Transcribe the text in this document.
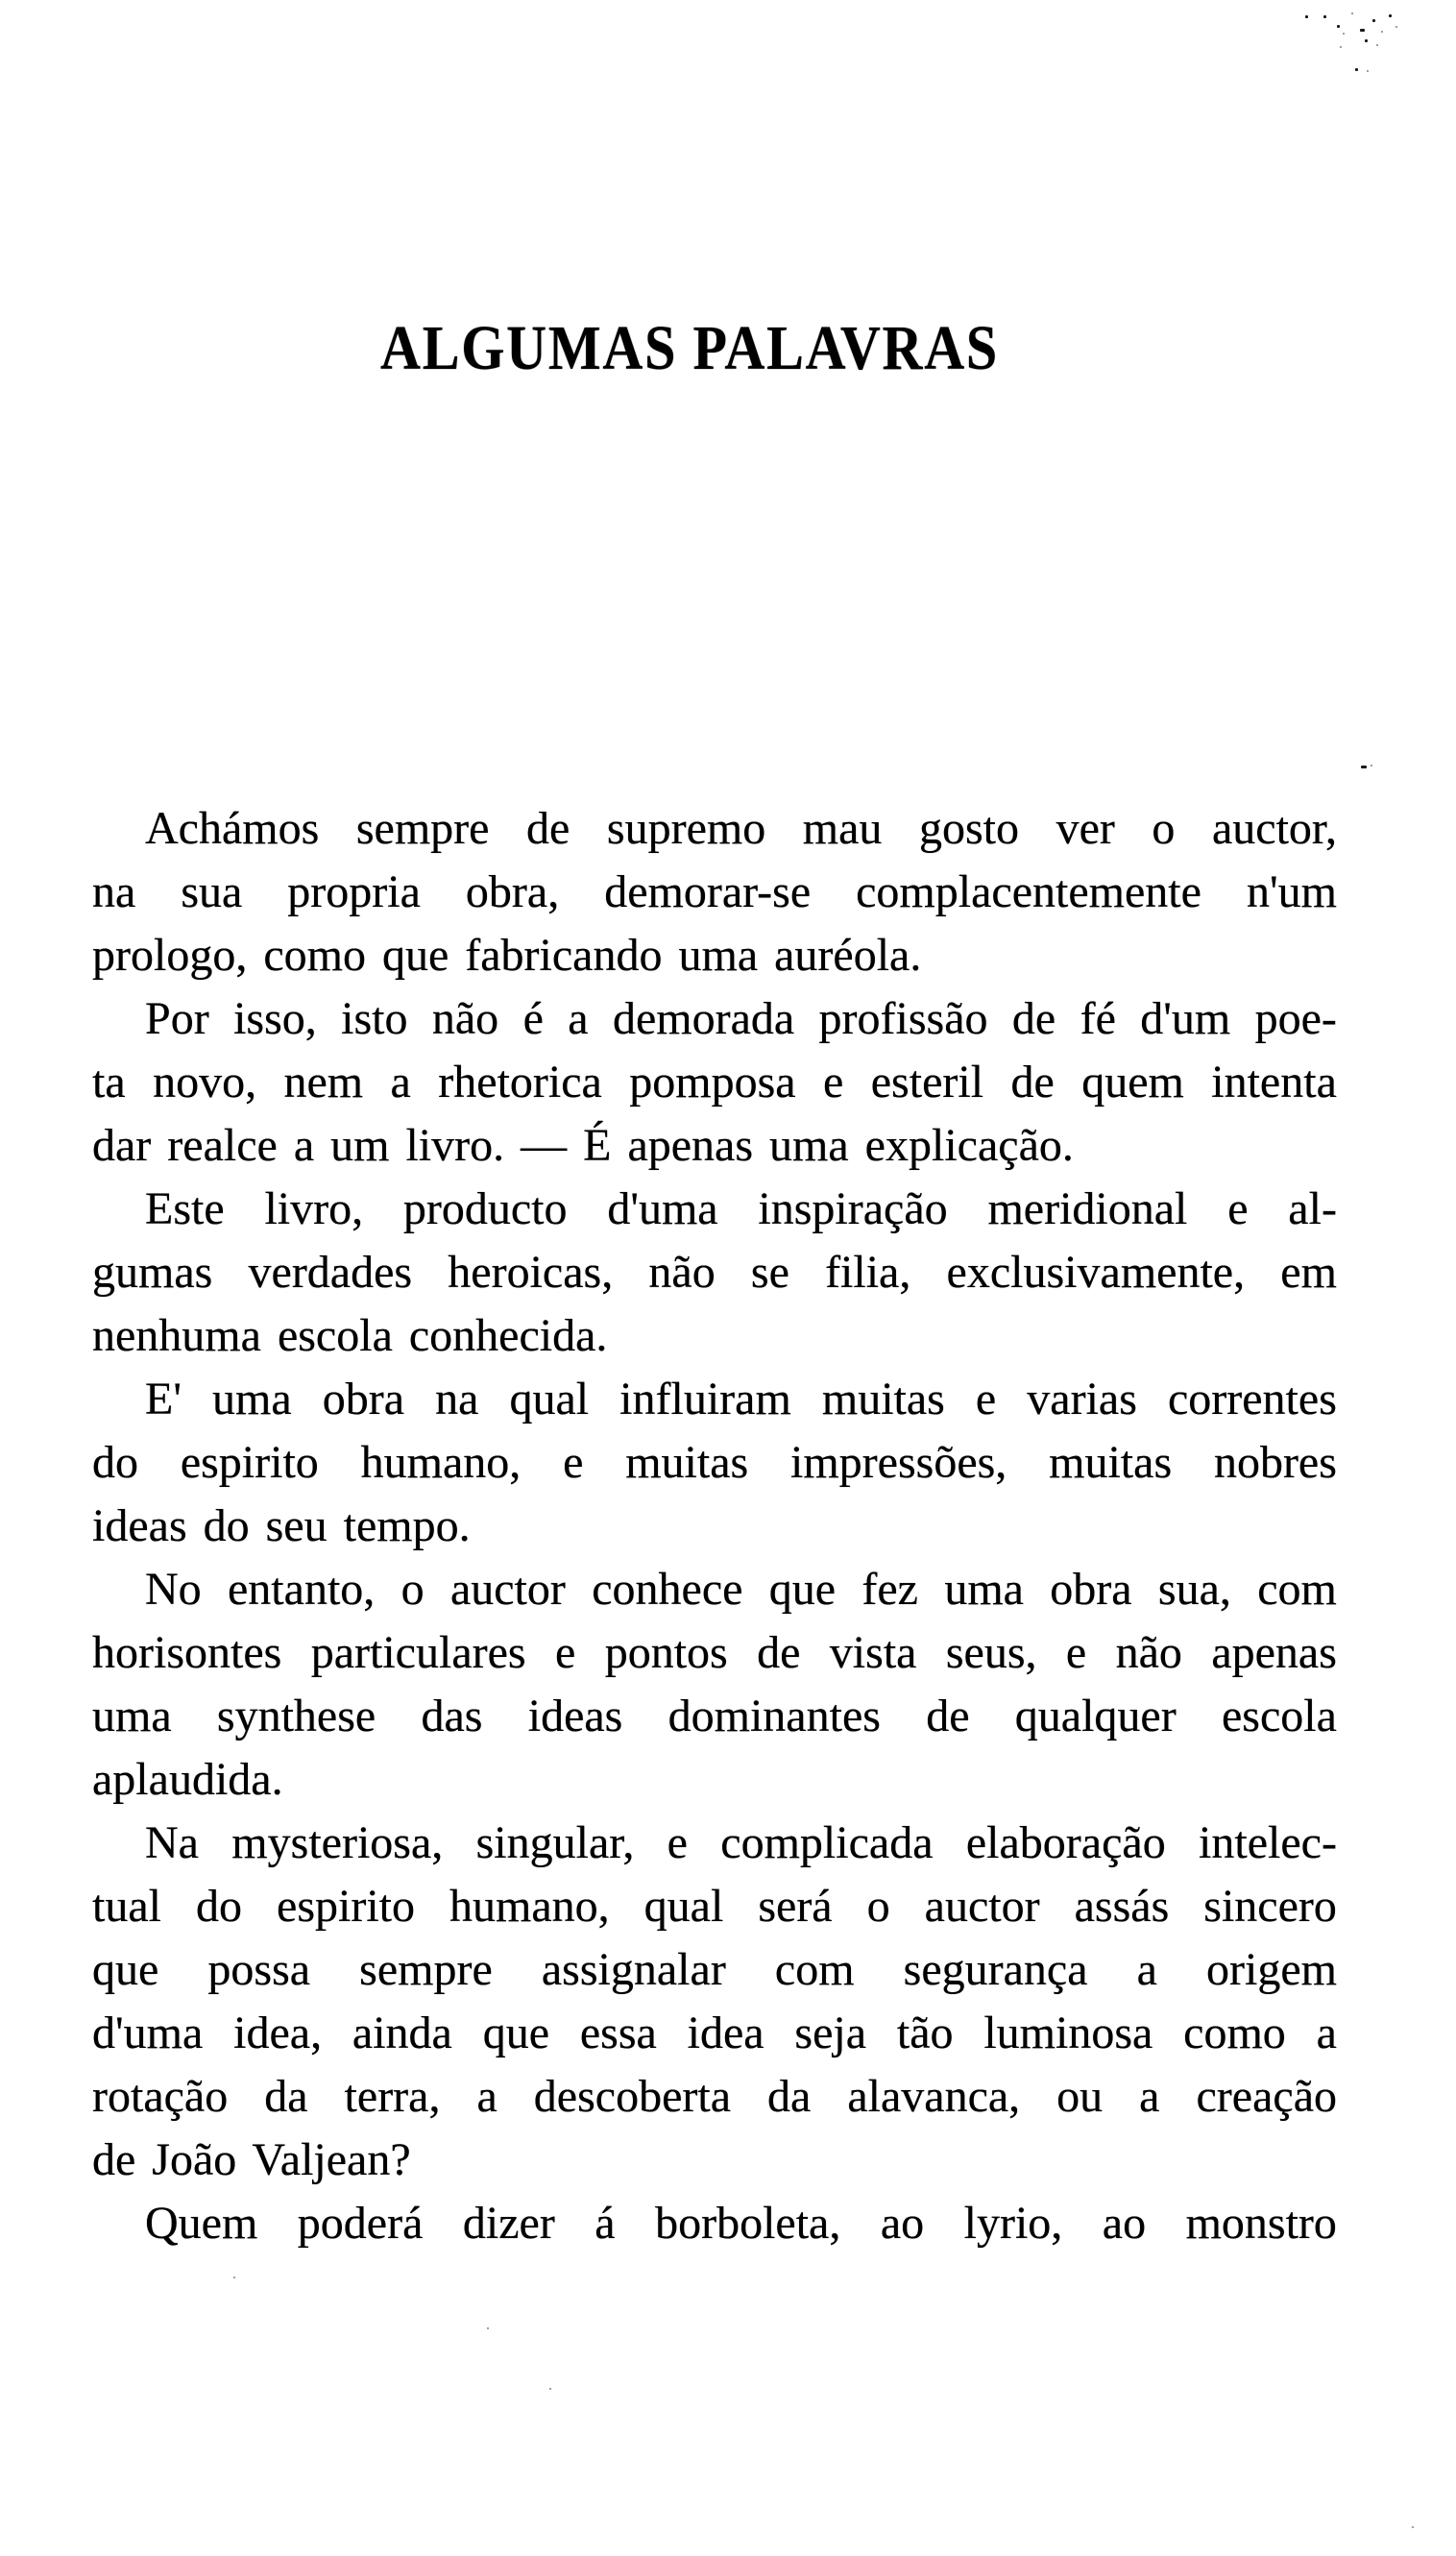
ALGUMAS PALAVRAS
Achámos sempre de supremo mau gosto ver o auctor,
na sua propria obra, demorar-se complacentemente n'um
prologo, como que fabricando uma auréola.
Por isso, isto não é a demorada profissão de fé d'um poe-
ta novo, nem a rhetorica pomposa e esteril de quem intenta
dar realce a um livro. — É apenas uma explicação.
Este livro, producto d'uma inspiração meridional e al-
gumas verdades heroicas, não se filia, exclusivamente, em
nenhuma escola conhecida.
E' uma obra na qual influiram muitas e varias correntes
do espirito humano, e muitas impressões, muitas nobres
ideas do seu tempo.
No entanto, o auctor conhece que fez uma obra sua, com
horisontes particulares e pontos de vista seus, e não apenas
uma synthese das ideas dominantes de qualquer escola
aplaudida.
Na mysteriosa, singular, e complicada elaboração intelec-
tual do espirito humano, qual será o auctor assás sincero
que possa sempre assignalar com segurança a origem
d'uma idea, ainda que essa idea seja tão luminosa como a
rotação da terra, a descoberta da alavanca, ou a creação
de João Valjean?
Quem poderá dizer á borboleta, ao lyrio, ao monstro
